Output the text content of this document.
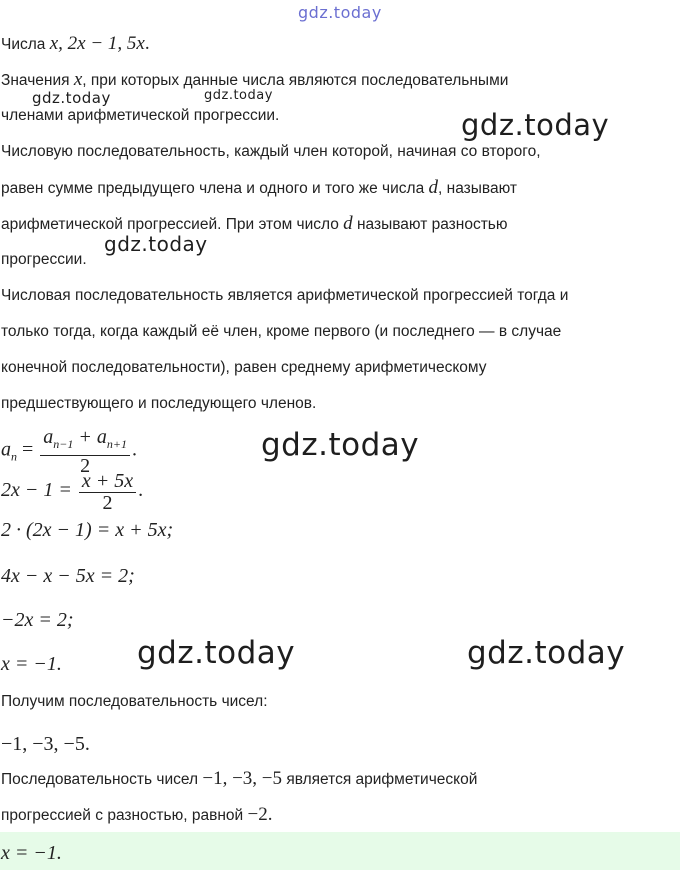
gdz.today
gdz.today	gdz.today
gdz.today
gdz.today
gdz.today
gdz.today	gdz.today
Числа x, 2x − 1, 5x.
Значения x, при которых данные числа являются последовательными
членами арифметической прогрессии.
Числовую последовательность, каждый член которой, начиная со второго,
равен сумме предыдущего члена и одного и того же числа d, называют
арифметической прогрессией. При этом число d называют разностью
прогрессии.
Числовая последовательность является арифметической прогрессией тогда и
только тогда, когда каждый её член, кроме первого (и последнего — в случае
конечной последовательности), равен среднему арифметическому
предшествующего и последующего членов.
$a_n = \frac{a_{n-1} + a_{n+1}}{2}$ .
$2x - 1 = \frac{x + 5x}{2}$ .
2 · (2x − 1) = x + 5x;
4x − x − 5x = 2;
−2x = 2;
x = −1.
Получим последовательность чисел:
−1, −3, −5.
Последовательность чисел −1, −3, −5 является арифметической
прогрессией с разностью, равной −2.
x = −1.
